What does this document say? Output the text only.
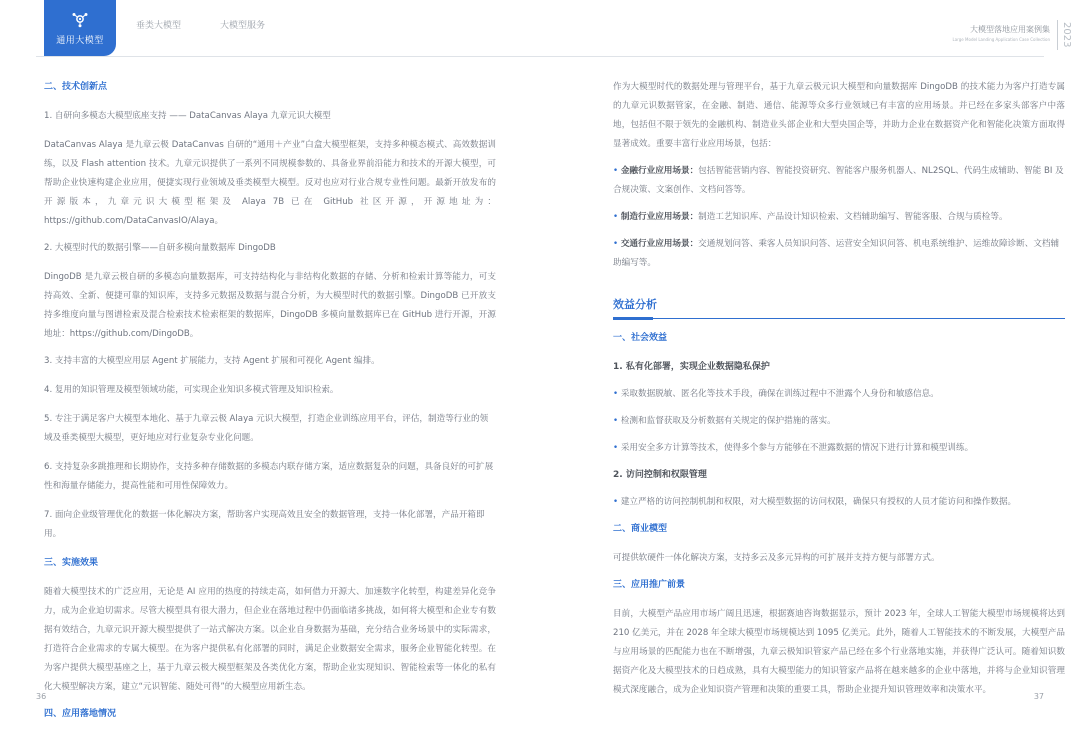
通用大模型
垂类大模型	大模型服务	大模型落地应用案例集
Large Model Landing Application Case Collection 2023
二、技术创新点
1. 自研向多模态大模型底座支持 —— DataCanvas Alaya 九章元识大模型

DataCanvas Alaya 是九章云极 DataCanvas 自研的“通用＋产业”白盒大模型框架，支持多种模态模式、高效数据训练，以及 Flash attention 技术。九章元识提供了一系列不同规模参数的、具备业界前沿能力和技术的开源大模型，可帮助企业快速构建企业应用，便捷实现行业领域及垂类模型大模型。反对也应对行业合规专业性问题。最新开放发布的开源版本，九章元识大模型框架及 Alaya 7B 已在 GitHub 社区开源，开源地址为：https://github.com/DataCanvasIO/Alaya。

2. 大模型时代的数据引擎——自研多模向量数据库 DingoDB

DingoDB 是九章云极自研的多模态向量数据库，可支持结构化与非结构化数据的存储、分析和检索计算等能力，可支持高效、全新、便捷可靠的知识库，支持多元数据及数据与混合分析，为大模型时代的数据引擎。DingoDB 已开放支持多维度向量与图谱检索及混合检索技术检索框架的数据库，DingoDB 多模向量数据库已在 GitHub 进行开源，开源地址：https://github.com/DingoDB。

3. 支持丰富的大模型应用层 Agent 扩展能力，支持 Agent 扩展和可视化 Agent 编排。
4. 复用的知识管理及模型领域功能，可实现企业知识多模式管理及知识检索。
5. 专注于满足客户大模型本地化、基于九章云极 Alaya 元识大模型，打造企业训练应用平台，评估，制造等行业的领域及垂类模型大模型，更好地应对行业复杂专业化问题。
6. 支持复杂多跳推理和长期协作，支持多种存储数据的多模态内联存储方案，适应数据复杂的问题，具备良好的可扩展性和海量存储能力，提高性能和可用性保障效力。
7. 面向企业级管理优化的数据一体化解决方案，帮助客户实现高效且安全的数据管理，支持一体化部署，产品开箱即用。
三、实施效果

随着大模型技术的广泛应用，无论是 AI 应用的热度的持续走高，如何借力开源大、加速数字化转型，构建差异化竞争力，成为企业迫切需求。尽管大模型具有很大潜力，但企业在落地过程中仍面临诸多挑战，如何将大模型和企业专有数据有效结合，九章元识开源大模型提供了一站式解决方案。以企业自身数据为基础，充分结合业务场景中的实际需求，打造符合企业需求的专属大模型。在为客户提供私有化部署的同时，满足企业数据安全需求，服务企业智能化转型。在为客户提供大模型基座之上，基于九章云极大模型框架及各类优化方案，帮助企业实现知识、智能检索等一体化的私有化大模型解决方案，建立“元识智能、随处可得”的大模型应用新生态。

四、应用落地情况

作为大模型时代的数据处理与管理平台，基于九章云极元识大模型和向量数据库 DingoDB 的技术能力为客户打造专属的九章元识数据管家，在金融、制造、通信、能源等众多行业领域已有丰富的应用场景。并已经在多家头部客户中落地，包括但不限于领先的金融机构、制造业头部企业和大型央国企等，并助力企业在数据资产化和智能化决策方面取得显著成效。重要丰富行业应用场景，包括：

• 金融行业应用场景：包括智能营销内容、智能投资研究、智能客户服务机器人、NL2SQL、代码生成辅助、智能 BI 及合规决策、文案创作、文档问答等。
• 制造行业应用场景：制造工艺知识库、产品设计知识检索、文档辅助编写、智能客服、合规与质检等。
• 交通行业应用场景：交通规划问答、乘客人员知识问答、运营安全知识问答、机电系统维护、运维故障诊断、文档辅助编写等。
效益分析
一、社会效益
1. 私有化部署，实现企业数据隐私保护
• 采取数据脱敏、匿名化等技术手段，确保在训练过程中不泄露个人身份和敏感信息。
• 检测和监督获取及分析数据有关规定的保护措施的落实。
• 采用安全多方计算等技术，使得多个参与方能够在不泄露数据的情况下进行计算和模型训练。
2. 访问控制和权限管理
• 建立严格的访问控制机制和权限，对大模型数据的访问权限，确保只有授权的人员才能访问和操作数据。
二、商业模型

可提供软硬件一体化解决方案，支持多云及多元异构的可扩展并支持方便与部署方式。

三、应用推广前景

目前，大模型产品应用市场广阔且迅速，根据赛迪咨询数据显示，预计 2023 年，全球人工智能大模型市场规模将达到 210 亿美元，并在 2028 年全球大模型市场规模达到 1095 亿美元。此外，随着人工智能技术的不断发展，大模型产品与应用场景的匹配能力也在不断增强，九章云极知识管家产品已经在多个行业落地实施，并获得广泛认可。随着知识数据资产化及大模型技术的日趋成熟，具有大模型能力的知识管家产品将在越来越多的企业中落地，并将与企业知识管理模式深度融合，成为企业知识资产管理和决策的重要工具，帮助企业提升知识管理效率和决策水平。

36	37
